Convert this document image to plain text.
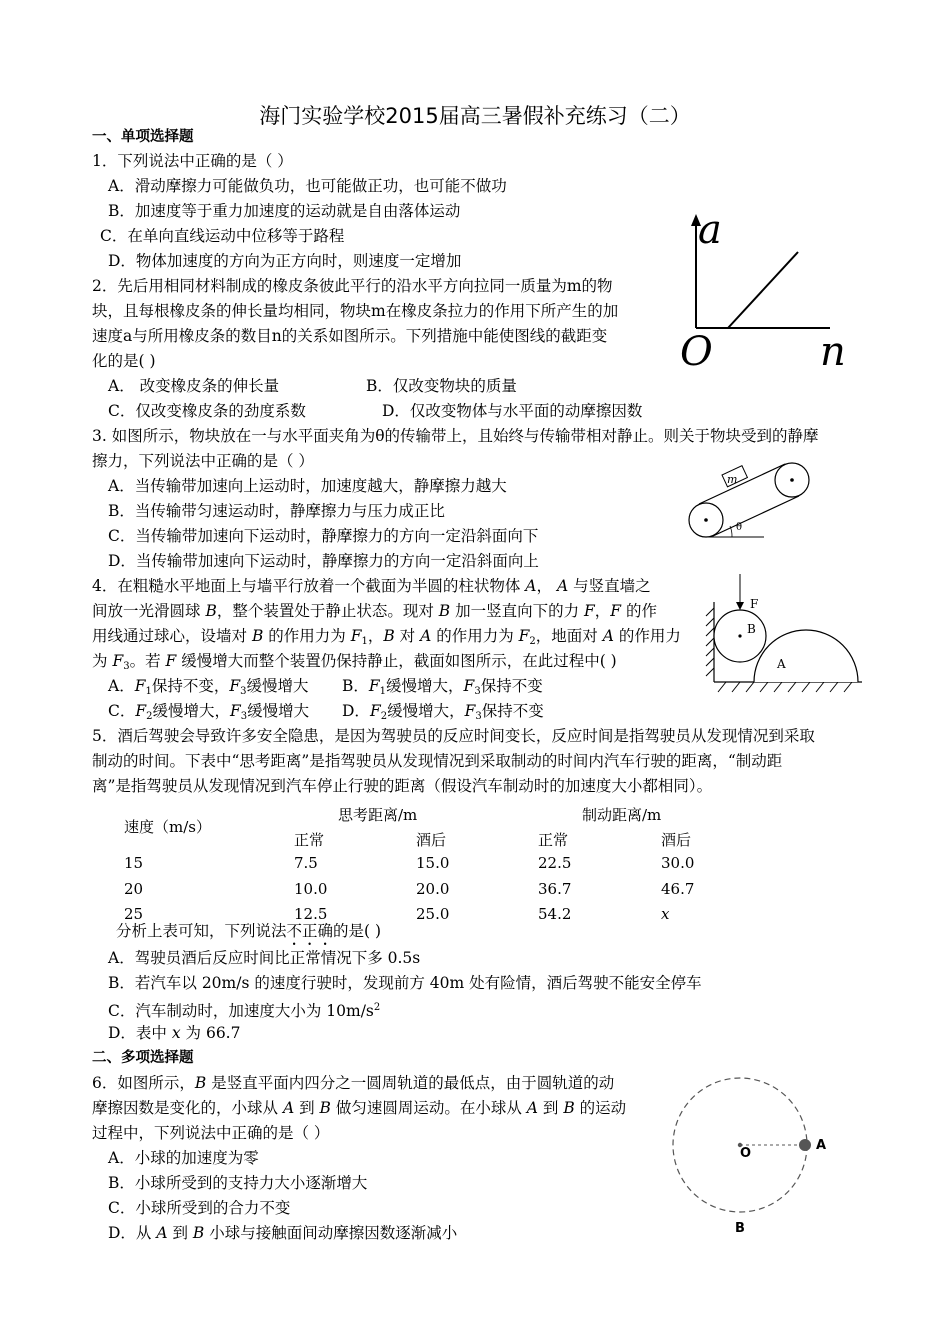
海门实验学校2015届高三暑假补充练习（二）
一、单项选择题
1．下列说法中正确的是（ ）
A．滑动摩擦力可能做负功，也可能做正功，也可能不做功
B．加速度等于重力加速度的运动就是自由落体运动
C．在单向直线运动中位移等于路程
D．物体加速度的方向为正方向时，则速度一定增加
2．先后用相同材料制成的橡皮条彼此平行的沿水平方向拉同一质量为m的物
块，且每根橡皮条的伸长量均相同，物块m在橡皮条拉力的作用下所产生的加
速度a与所用橡皮条的数目n的关系如图所示。下列措施中能使图线的截距变
化的是( )
A． 改变橡皮条的伸长量	B．仅改变物块的质量
C．仅改变橡皮条的劲度系数	D．仅改变物体与水平面的动摩擦因数
a
O	n
3. 如图所示，物块放在一与水平面夹角为θ的传输带上，且始终与传输带相对静止。则关于物块受到的静摩
擦力，下列说法中正确的是（ ）
A．当传输带加速向上运动时，加速度越大，静摩擦力越大
B．当传输带匀速运动时，静摩擦力与压力成正比
C．当传输带加速向下运动时，静摩擦力的方向一定沿斜面向下
D．当传输带加速向下运动时，静摩擦力的方向一定沿斜面向上
m
θ
4．在粗糙水平地面上与墙平行放着一个截面为半圆的柱状物体 A， A 与竖直墙之
间放一光滑圆球 B，整个装置处于静止状态。现对 B 加一竖直向下的力 F，F 的作
用线通过球心，设墙对 B 的作用力为 $F_1$，B 对 A 的作用力为 $F_2$，地面对 A 的作用力
为 $F_3$。若 F 缓慢增大而整个装置仍保持静止，截面如图所示，在此过程中( )
A．$F_1$保持不变，$F_3$缓慢增大 B．$F_1$缓慢增大，$F_3$保持不变
C．$F_2$缓慢增大，$F_3$缓慢增大 D．$F_2$缓慢增大，$F_3$保持不变
F
B
A
5．酒后驾驶会导致许多安全隐患，是因为驾驶员的反应时间变长，反应时间是指驾驶员从发现情况到采取
制动的时间。下表中“思考距离”是指驾驶员从发现情况到采取制动的时间内汽车行驶的距离，“制动距
离”是指驾驶员从发现情况到汽车停止行驶的距离（假设汽车制动时的加速度大小都相同）。
速度（m/s）
思考距离/m	制动距离/m
正常	酒后	正常	酒后
15	7.5	15.0	22.5	30.0
20	10.0	20.0	36.7	46.7
25	12.5	25.0	54.2	x
分析上表可知，下列说法不正确的是( )
A．驾驶员酒后反应时间比正常情况下多 0.5s
B．若汽车以 20m/s 的速度行驶时，发现前方 40m 处有险情，酒后驾驶不能安全停车
C．汽车制动时，加速度大小为 $10m/s^2$
D．表中 x 为 66.7
二、多项选择题
6．如图所示，B 是竖直平面内四分之一圆周轨道的最低点，由于圆轨道的动
摩擦因数是变化的，小球从 A 到 B 做匀速圆周运动。在小球从 A 到 B 的运动
过程中，下列说法中正确的是（ ）
A．小球的加速度为零
B．小球所受到的支持力大小逐渐增大
C．小球所受到的合力不变
D．从 A 到 B 小球与接触面间动摩擦因数逐渐减小
O
A
B
